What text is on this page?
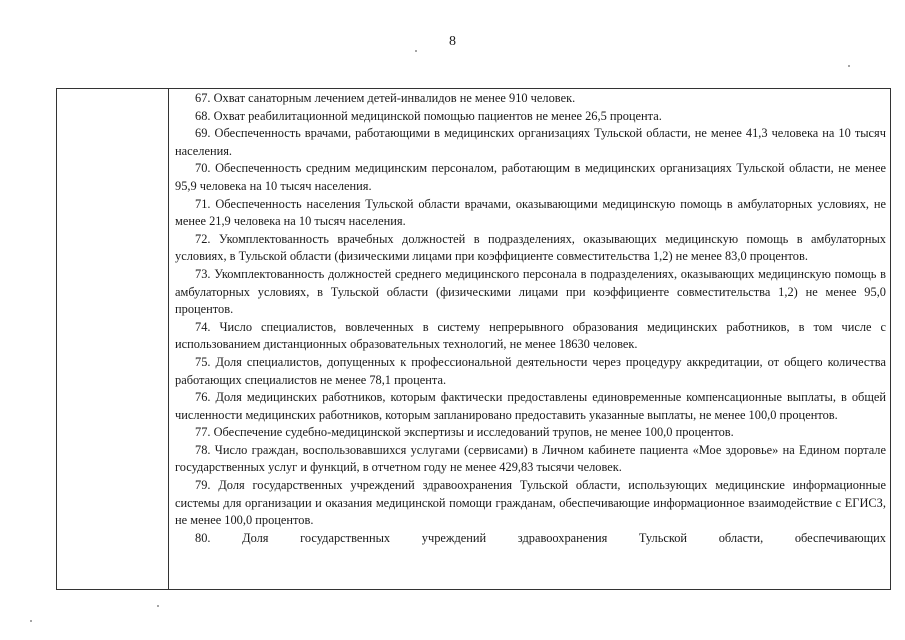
8

67. Охват санаторным лечением детей-инвалидов не менее 910 человек.

68. Охват реабилитационной медицинской помощью пациентов не менее 26,5 процента.

69. Обеспеченность врачами, работающими в медицинских организациях Тульской области, не менее 41,3 человека на 10 тысяч населения.

70. Обеспеченность средним медицинским персоналом, работающим в медицинских организациях Тульской области, не менее 95,9 человека на 10 тысяч населения.

71. Обеспеченность населения Тульской области врачами, оказывающими медицинскую помощь в амбулаторных условиях, не менее 21,9 человека на 10 тысяч населения.

72. Укомплектованность врачебных должностей в подразделениях, оказывающих медицинскую помощь в амбулаторных условиях, в Тульской области (физическими лицами при коэффициенте совместительства 1,2) не менее 83,0 процентов.

73. Укомплектованность должностей среднего медицинского персонала в подразделениях, оказывающих медицинскую помощь в амбулаторных условиях, в Тульской области (физическими лицами при коэффициенте совместительства 1,2) не менее 95,0 процентов.

74. Число специалистов, вовлеченных в систему непрерывного образования медицинских работников, в том числе с использованием дистанционных образовательных технологий, не менее 18630 человек.

75. Доля специалистов, допущенных к профессиональной деятельности через процедуру аккредитации, от общего количества работающих специалистов не менее 78,1 процента.

76. Доля медицинских работников, которым фактически предоставлены единовременные компенсационные выплаты, в общей численности медицинских работников, которым запланировано предоставить указанные выплаты, не менее 100,0 процентов.

77. Обеспечение судебно-медицинской экспертизы и исследований трупов, не менее 100,0 процентов.

78. Число граждан, воспользовавшихся услугами (сервисами) в Личном кабинете пациента «Мое здоровье» на Едином портале государственных услуг и функций, в отчетном году не менее 429,83 тысячи человек.

79. Доля государственных учреждений здравоохранения Тульской области, использующих медицинские информационные системы для организации и оказания медицинской помощи гражданам, обеспечивающие информационное взаимодействие с ЕГИСЗ, не менее 100,0 процентов.

80. Доля государственных учреждений здравоохранения Тульской области, обеспечивающих
